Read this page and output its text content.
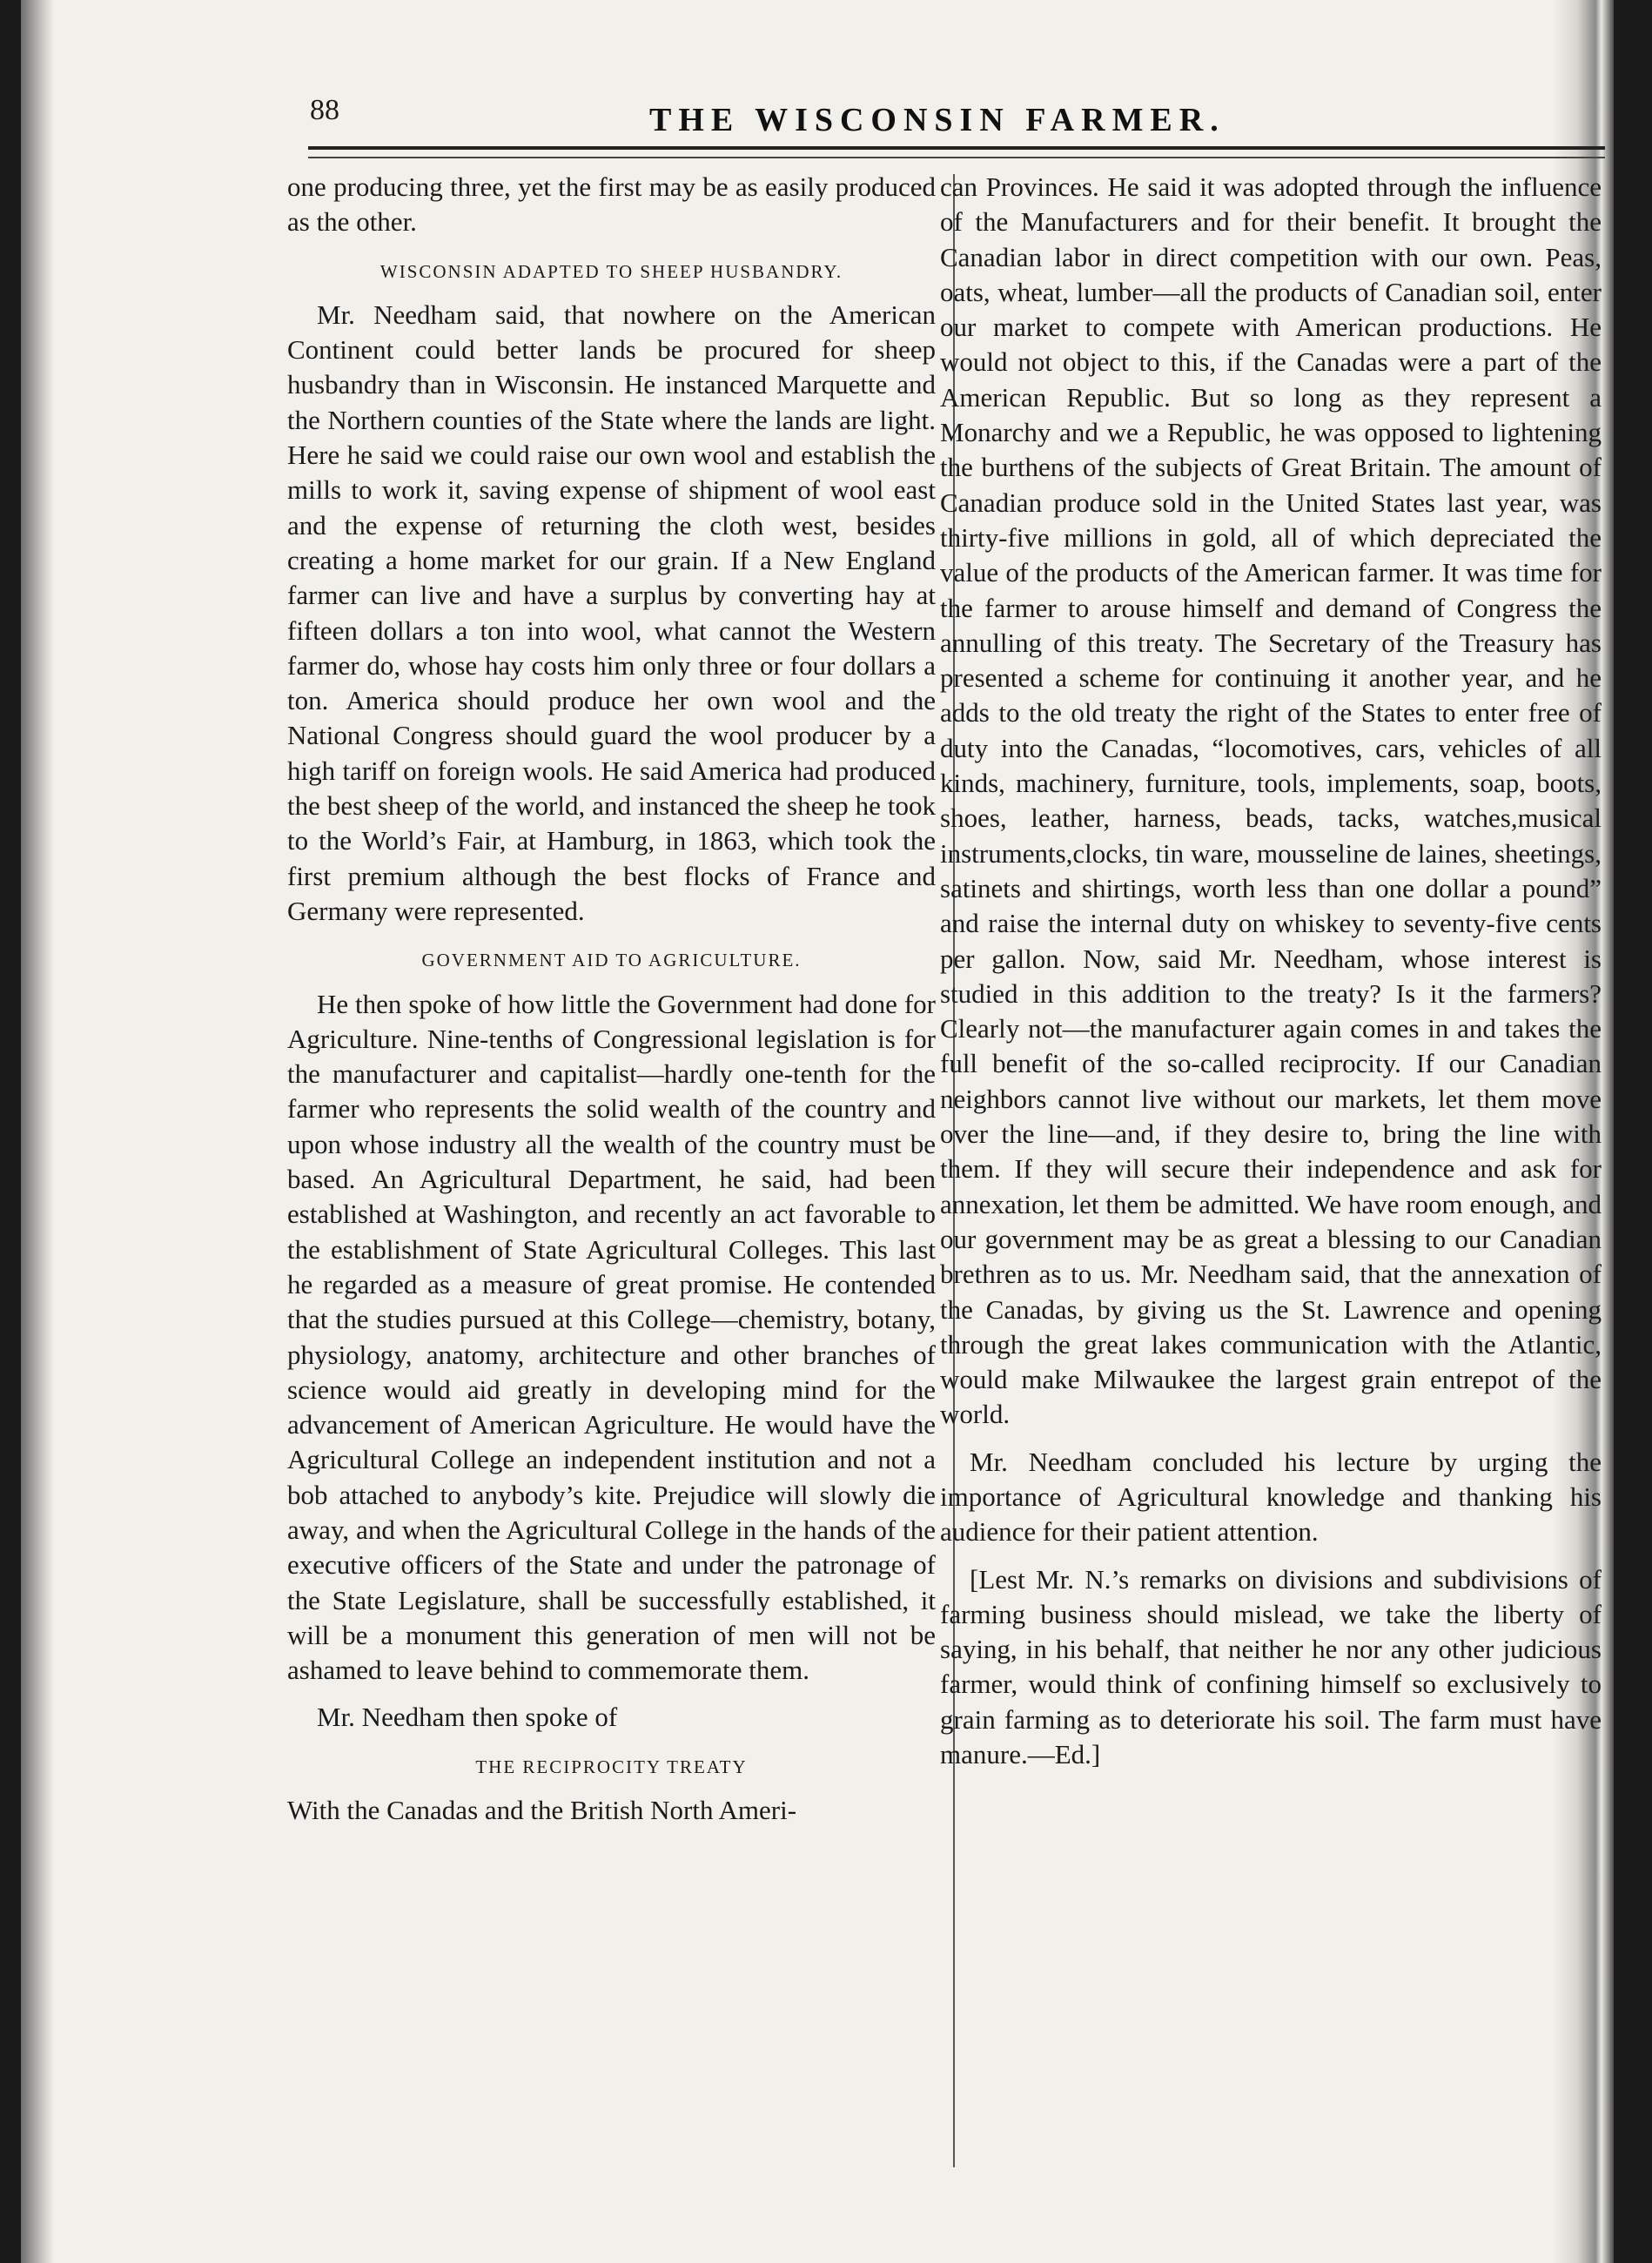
88	THE WISCONSIN FARMER.

one producing three, yet the first may be as easily produced as the other.

WISCONSIN ADAPTED TO SHEEP HUSBANDRY.

Mr. Needham said, that nowhere on the American Continent could better lands be procured for sheep husbandry than in Wisconsin. He instanced Marquette and the Northern counties of the State where the lands are light. Here he said we could raise our own wool and establish the mills to work it, saving expense of shipment of wool east and the expense of returning the cloth west, besides creating a home market for our grain. If a New England farmer can live and have a surplus by converting hay at fifteen dollars a ton into wool, what cannot the Western farmer do, whose hay costs him only three or four dollars a ton. America should produce her own wool and the National Congress should guard the wool producer by a high tariff on foreign wools. He said America had produced the best sheep of the world, and instanced the sheep he took to the World’s Fair, at Hamburg, in 1863, which took the first premium although the best flocks of France and Germany were represented.

GOVERNMENT AID TO AGRICULTURE.

He then spoke of how little the Government had done for Agriculture. Nine-tenths of Congressional legislation is for the manufacturer and capitalist—hardly one-tenth for the farmer who represents the solid wealth of the country and upon whose industry all the wealth of the country must be based. An Agricultural Department, he said, had been established at Washington, and recently an act favorable to the establishment of State Agricultural Colleges. This last he regarded as a measure of great promise. He contended that the studies pursued at this College—chemistry, botany, physiology, anatomy, architecture and other branches of science would aid greatly in developing mind for the advancement of American Agriculture. He would have the Agricultural College an independent institution and not a bob attached to anybody’s kite. Prejudice will slowly die away, and when the Agricultural College in the hands of the executive officers of the State and under the patronage of the State Legislature, shall be successfully established, it will be a monument this generation of men will not be ashamed to leave behind to commemorate them.

Mr. Needham then spoke of

THE RECIPROCITY TREATY

With the Canadas and the British North Ameri-

can Provinces. He said it was adopted through the influence of the Manufacturers and for their benefit. It brought the Canadian labor in direct competition with our own. Peas, oats, wheat, lumber—all the products of Canadian soil, enter our market to compete with American productions. He would not object to this, if the Canadas were a part of the American Republic. But so long as they represent a Monarchy and we a Republic, he was opposed to lightening the burthens of the subjects of Great Britain. The amount of Canadian produce sold in the United States last year, was thirty-five millions in gold, all of which depreciated the value of the products of the American farmer. It was time for the farmer to arouse himself and demand of Congress the annulling of this treaty. The Secretary of the Treasury has presented a scheme for continuing it another year, and he adds to the old treaty the right of the States to enter free of duty into the Canadas, “locomotives, cars, vehicles of all kinds, machinery, furniture, tools, implements, soap, boots, shoes, leather, harness, beads, tacks, watches,musical instruments,clocks, tin ware, mousseline de laines, sheetings, satinets and shirtings, worth less than one dollar a pound” and raise the internal duty on whiskey to seventy-five cents per gallon. Now, said Mr. Needham, whose interest is studied in this addition to the treaty? Is it the farmers? Clearly not—the manufacturer again comes in and takes the full benefit of the so-called reciprocity. If our Canadian neighbors cannot live without our markets, let them move over the line—and, if they desire to, bring the line with them. If they will secure their independence and ask for annexation, let them be admitted. We have room enough, and our government may be as great a blessing to our Canadian brethren as to us. Mr. Needham said, that the annexation of the Canadas, by giving us the St. Lawrence and opening through the great lakes communication with the Atlantic, would make Milwaukee the largest grain entrepot of the world.

Mr. Needham concluded his lecture by urging the importance of Agricultural knowledge and thanking his audience for their patient attention.

[Lest Mr. N.’s remarks on divisions and subdivisions of farming business should mislead, we take the liberty of saying, in his behalf, that neither he nor any other judicious farmer, would think of confining himself so exclusively to grain farming as to deteriorate his soil. The farm must have manure.—Ed.]
